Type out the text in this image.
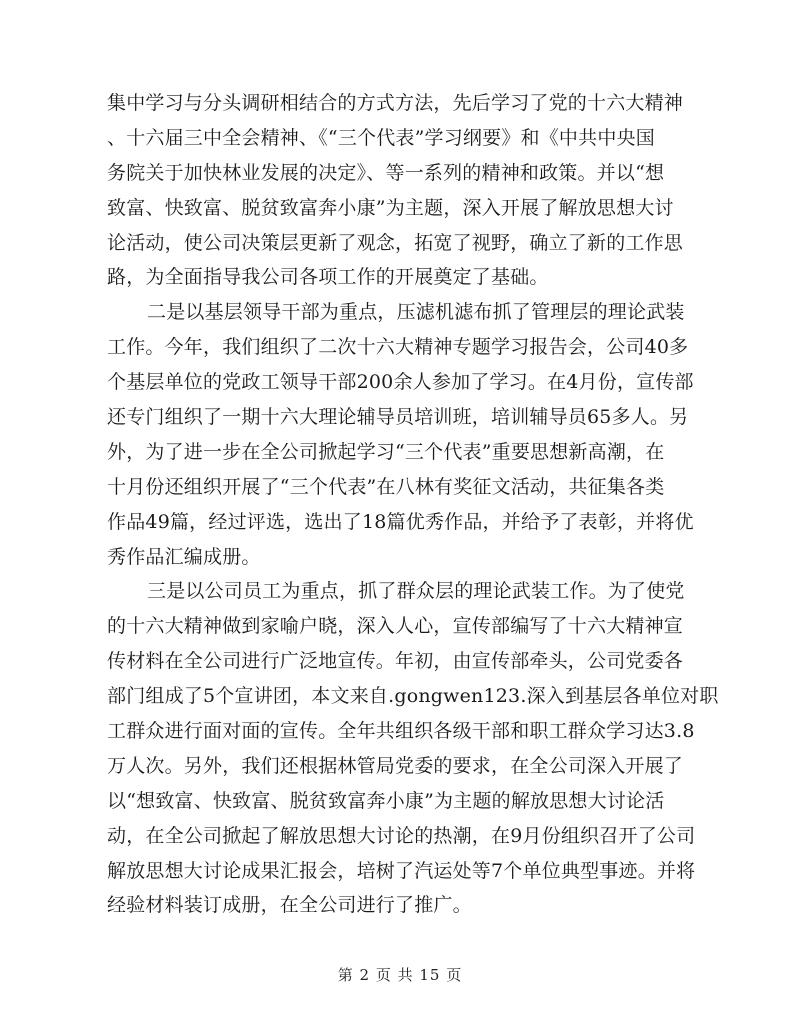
集中学习与分头调研相结合的方式方法，先后学习了党的十六大精神
、十六届三中全会精神、《“三个代表”学习纲要》和《中共中央国
务院关于加快林业发展的决定》、等一系列的精神和政策。并以“想
致富、快致富、脱贫致富奔小康”为主题，深入开展了解放思想大讨
论活动，使公司决策层更新了观念，拓宽了视野，确立了新的工作思
路，为全面指导我公司各项工作的开展奠定了基础。
二是以基层领导干部为重点，压滤机滤布抓了管理层的理论武装
工作。今年，我们组织了二次十六大精神专题学习报告会，公司40多
个基层单位的党政工领导干部200余人参加了学习。在4月份，宣传部
还专门组织了一期十六大理论辅导员培训班，培训辅导员65多人。另
外，为了进一步在全公司掀起学习“三个代表”重要思想新高潮，在
十月份还组织开展了“三个代表”在八林有奖征文活动，共征集各类
作品49篇，经过评选，选出了18篇优秀作品，并给予了表彰，并将优
秀作品汇编成册。
三是以公司员工为重点，抓了群众层的理论武装工作。为了使党
的十六大精神做到家喻户晓，深入人心，宣传部编写了十六大精神宣
传材料在全公司进行广泛地宣传。年初，由宣传部牵头，公司党委各
部门组成了5个宣讲团，本文来自.gongwen123.深入到基层各单位对职
工群众进行面对面的宣传。全年共组织各级干部和职工群众学习达3.8
万人次。另外，我们还根据林管局党委的要求，在全公司深入开展了
以“想致富、快致富、脱贫致富奔小康”为主题的解放思想大讨论活
动，在全公司掀起了解放思想大讨论的热潮，在9月份组织召开了公司
解放思想大讨论成果汇报会，培树了汽运处等7个单位典型事迹。并将
经验材料装订成册，在全公司进行了推广。
第 2 页 共 15 页
